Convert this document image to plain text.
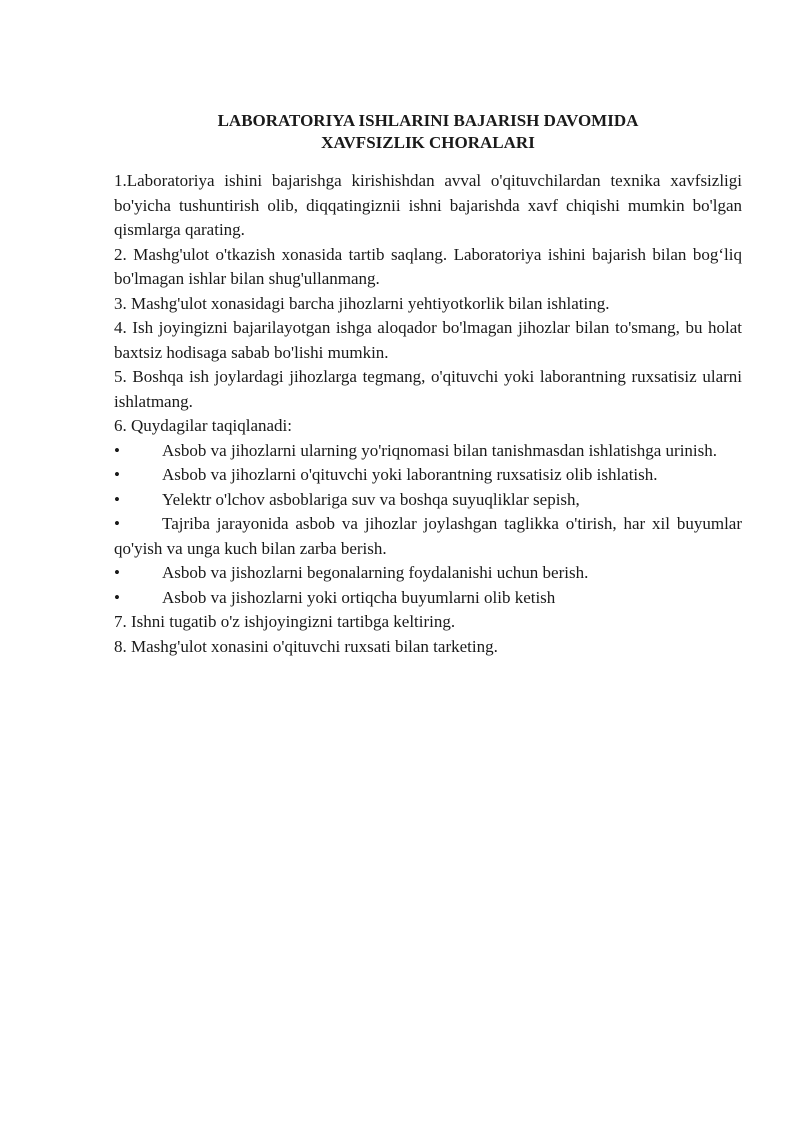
LABORATORIYA ISHLARINI BAJARISH DAVOMIDA
XAVFSIZLIK CHORALARI

1.Laboratoriya ishini bajarishga kirishishdan avval o'qituvchilardan texnika xavfsizligi bo'yicha tushuntirish olib, diqqatingiznii ishni bajarishda xavf chiqishi mumkin bo'lgan qismlarga qarating.

2. Mashg'ulot o'tkazish xonasida tartib saqlang. Laboratoriya ishini bajarish bilan bog‘liq bo'lmagan ishlar bilan shug'ullanmang.

3. Mashg'ulot xonasidagi barcha jihozlarni yehtiyotkorlik bilan ishlating.

4. Ish joyingizni bajarilayotgan ishga aloqador bo'lmagan jihozlar bilan to'smang, bu holat baxtsiz hodisaga sabab bo'lishi mumkin.

5. Boshqa ish joylardagi jihozlarga tegmang, o'qituvchi yoki laborantning ruxsatisiz ularni ishlatmang.

6. Quydagilar taqiqlanadi:

• Asbob va jihozlarni ularning yo'riqnomasi bilan tanishmasdan ishlatishga urinish.

• Asbob va jihozlarni o'qituvchi yoki laborantning ruxsatisiz olib ishlatish.

• Yelektr o'lchov asboblariga suv va boshqa suyuqliklar sepish,

• Tajriba jarayonida asbob va jihozlar joylashgan taglikka o'tirish, har xil buyumlar qo'yish va unga kuch bilan zarba berish.

• Asbob va jishozlarni begonalarning foydalanishi uchun berish.

• Asbob va jishozlarni yoki ortiqcha buyumlarni olib ketish

7. Ishni tugatib o'z ishjoyingizni tartibga keltiring.

8. Mashg'ulot xonasini o'qituvchi ruxsati bilan tarketing.
